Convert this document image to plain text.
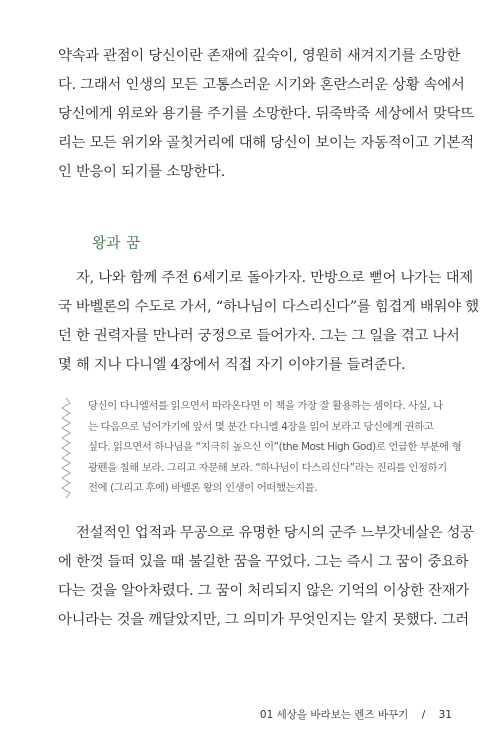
약속과 관점이 당신이란 존재에 깊숙이, 영원히 새겨지기를 소망한
다. 그래서 인생의 모든 고통스러운 시기와 혼란스러운 상황 속에서
당신에게 위로와 용기를 주기를 소망한다. 뒤죽박죽 세상에서 맞닥뜨
리는 모든 위기와 골칫거리에 대해 당신이 보이는 자동적이고 기본적
인 반응이 되기를 소망한다.

왕과 꿈

자, 나와 함께 주전 6세기로 돌아가자. 만방으로 뻗어 나가는 대제
국 바벨론의 수도로 가서, “하나님이 다스리신다”를 힘겹게 배워야 했
던 한 권력자를 만나러 궁정으로 들어가자. 그는 그 일을 겪고 나서
몇 해 지나 다니엘 4장에서 직접 자기 이야기를 들려준다.

당신이 다니엘서를 읽으면서 따라온다면 이 책을 가장 잘 활용하는 셈이다. 사실, 나
는 다음으로 넘어가기에 앞서 몇 분간 다니엘 4장을 읽어 보라고 당신에게 권하고
싶다. 읽으면서 하나님을 “지극히 높으신 이”(the Most High God)로 언급한 부분에 형
광펜을 칠해 보라. 그리고 자문해 보라. “하나님이 다스리신다”라는 진리를 인정하기
전에 (그리고 후에) 바벨론 왕의 인생이 어떠했는지를.

전설적인 업적과 무공으로 유명한 당시의 군주 느부갓네살은 성공
에 한껏 들떠 있을 때 불길한 꿈을 꾸었다. 그는 즉시 그 꿈이 중요하
다는 것을 알아차렸다. 그 꿈이 처리되지 않은 기억의 이상한 잔재가
아니라는 것을 깨달았지만, 그 의미가 무엇인지는 알지 못했다. 그러

01 세상을 바라보는 렌즈 바꾸기 / 31
